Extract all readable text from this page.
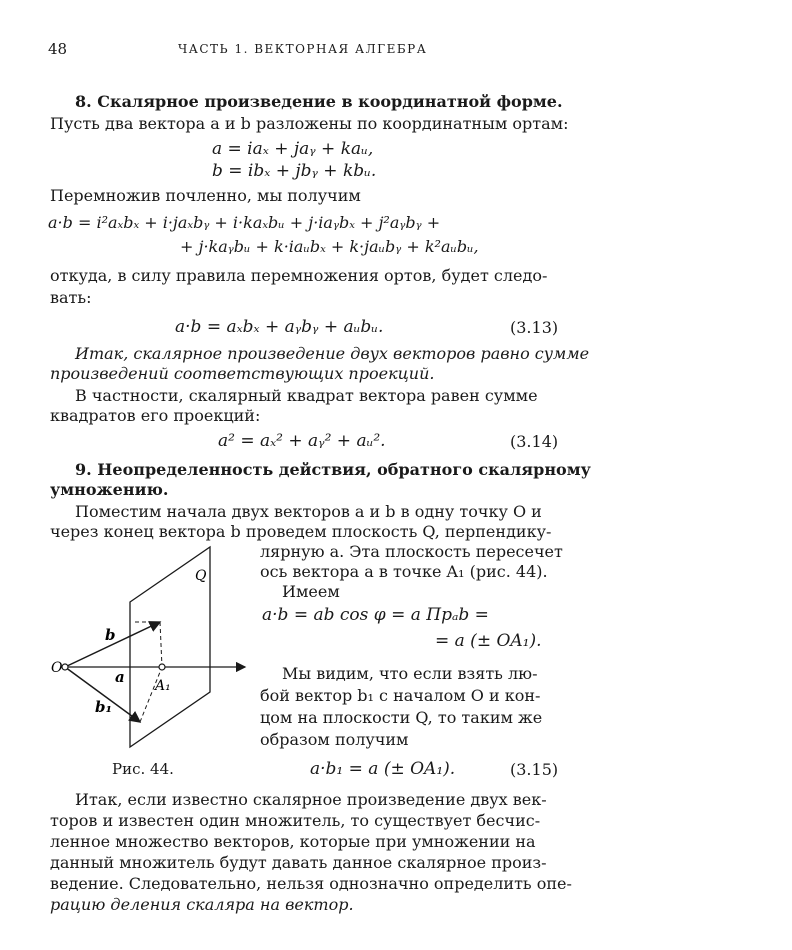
48	ЧАСТЬ 1. ВЕКТОРНАЯ АЛГЕБРА
8. Скалярное произведение в координатной форме.
Пусть два вектора a и b разложены по координатным ортам:
a = iaₓ + jaᵧ + kaᵤ,
b = ibₓ + jbᵧ + kbᵤ.
Перемножив почленно, мы получим
a·b = i²aₓbₓ + i·jaₓbᵧ + i·kaₓbᵤ + j·iaᵧbₓ + j²aᵧbᵧ +
+ j·kaᵧbᵤ + k·iaᵤbₓ + k·jaᵤbᵧ + k²aᵤbᵤ,
откуда, в силу правила перемножения ортов, будет следо-
вать:
a·b = aₓbₓ + aᵧbᵧ + aᵤbᵤ.	(3.13)
Итак, скалярное произведение двух векторов равно сумме
произведений соответствующих проекций.
В частности, скалярный квадрат вектора равен сумме
квадратов его проекций:
a² = aₓ² + aᵧ² + aᵤ².	(3.14)
9. Неопределенность действия, обратного скалярному
умножению.
Поместим начала двух векторов a и b в одну точку O и
через конец вектора b проведем плоскость Q, перпендику-
лярную a. Эта плоскость пересечет
ось вектора a в точке A₁ (рис. 44).
Имеем
a·b = ab cos φ = a Пpₐb =
= a (± OA₁).
Мы видим, что если взять лю-
бой вектор b₁ с началом O и кон-
цом на плоскости Q, то таким же
образом получим
Q
b
a
O
A₁
b₁
Рис. 44.	a·b₁ = a (± OA₁).	(3.15)
Итак, если известно скалярное произведение двух век-
торов и известен один множитель, то существует бесчис-
ленное множество векторов, которые при умножении на
данный множитель будут давать данное скалярное произ-
ведение. Следовательно, нельзя однозначно определить опе-
рацию деления скаляра на вектор.
